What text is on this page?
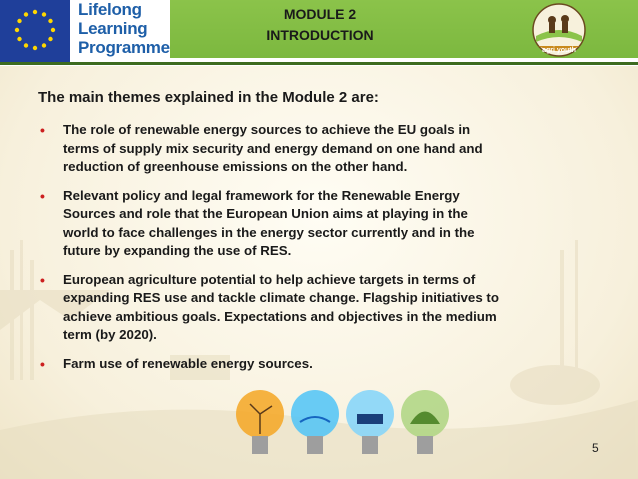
Lifelong
Learning
Programme
MODULE 2
INTRODUCTION
agri youth
The main themes explained in the Module 2 are:
• The role of renewable energy sources to achieve the EU goals in
terms of supply mix security and energy demand on one hand and
reduction of greenhouse emissions on the other hand.
• Relevant policy and legal framework for the Renewable Energy
Sources and role that the European Union aims at playing in the
world to face challenges in the energy sector currently and in the
future by expanding the use of RES.
• European agriculture potential to help achieve targets in terms of
expanding RES use and tackle climate change. Flagship initiatives to
achieve ambitious goals. Expectations and objectives in the medium
term (by 2020).
• Farm use of renewable energy sources.
5
